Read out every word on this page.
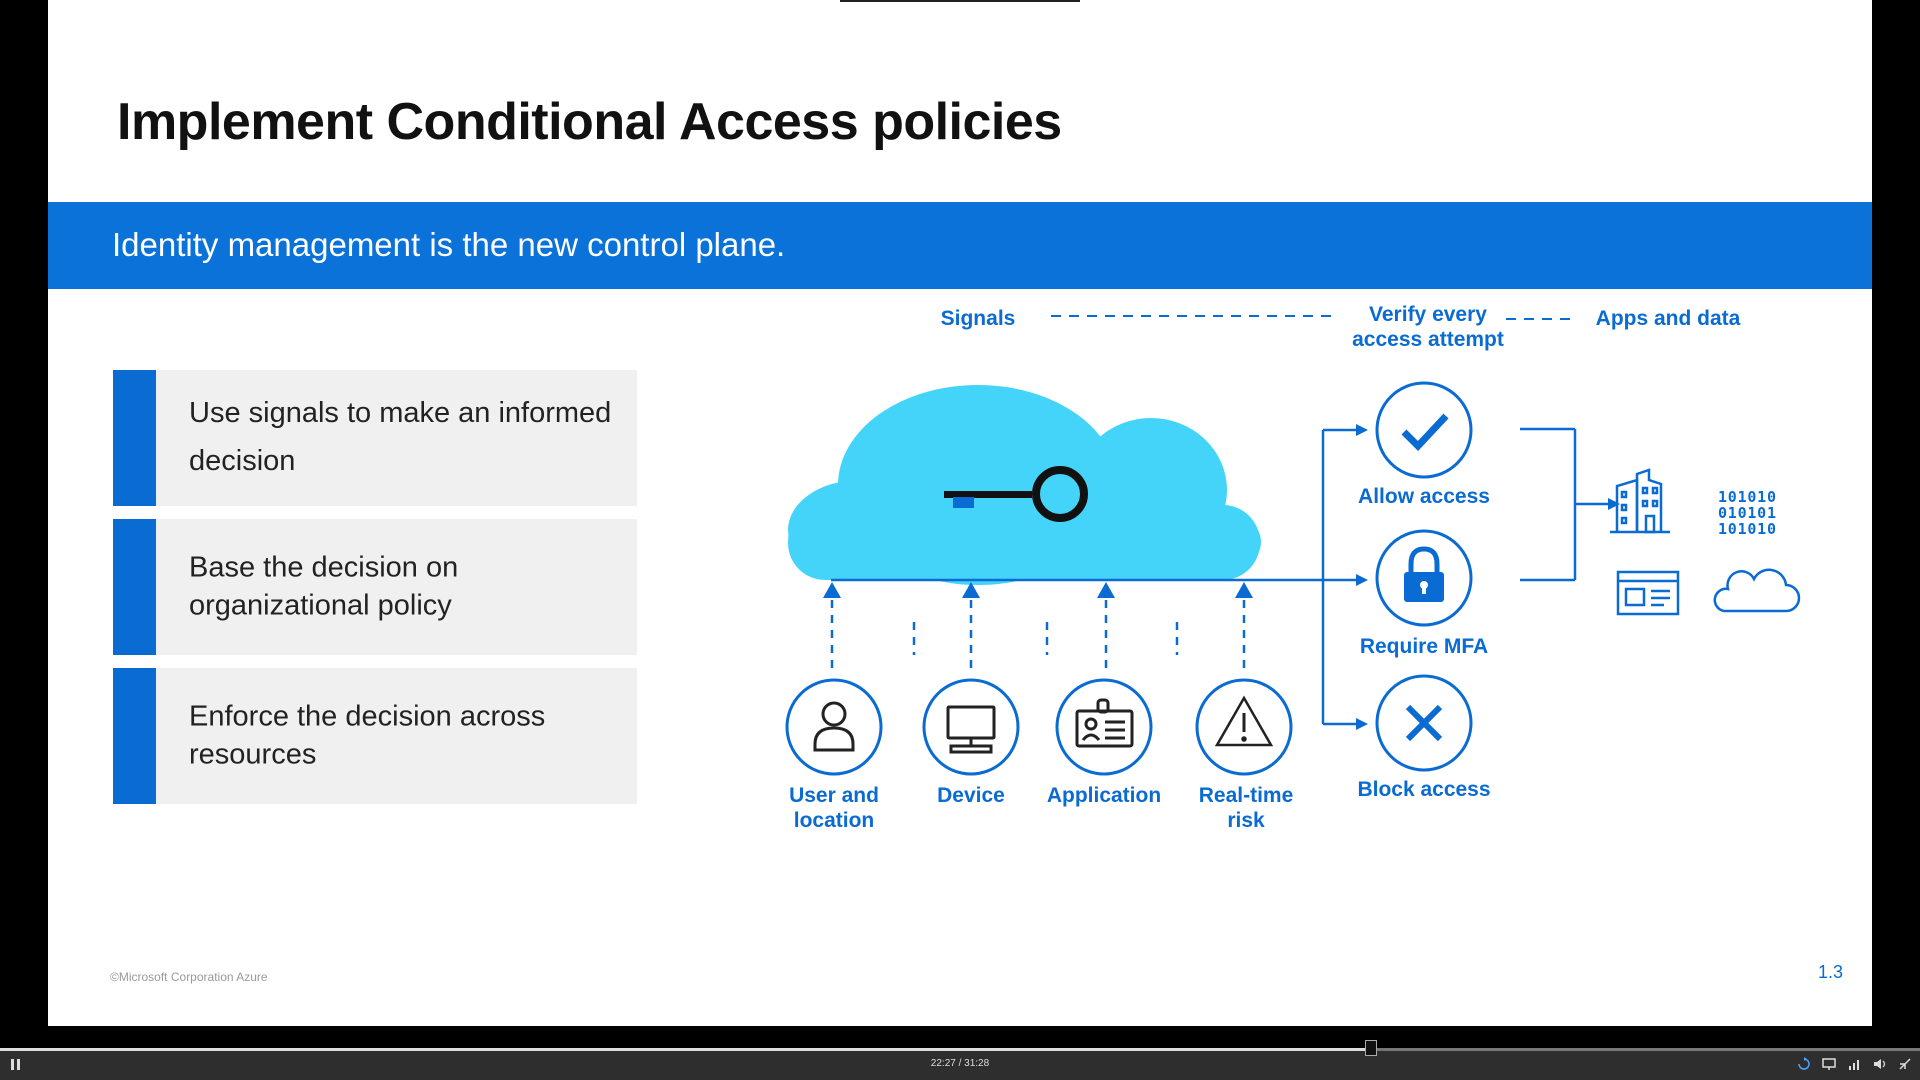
Implement Conditional Access policies
Identity management is the new control plane.
Use signals to make an informed decision
Base the decision on organizational policy
Enforce the decision across resources
101010
010101
101010
Signals	Verify every
access attempt
Apps and data
User and
location
Device	Application	Real-time
risk
Allow access
Require MFA
Block access
©Microsoft Corporation Azure	1.3
22:27 / 31:28
